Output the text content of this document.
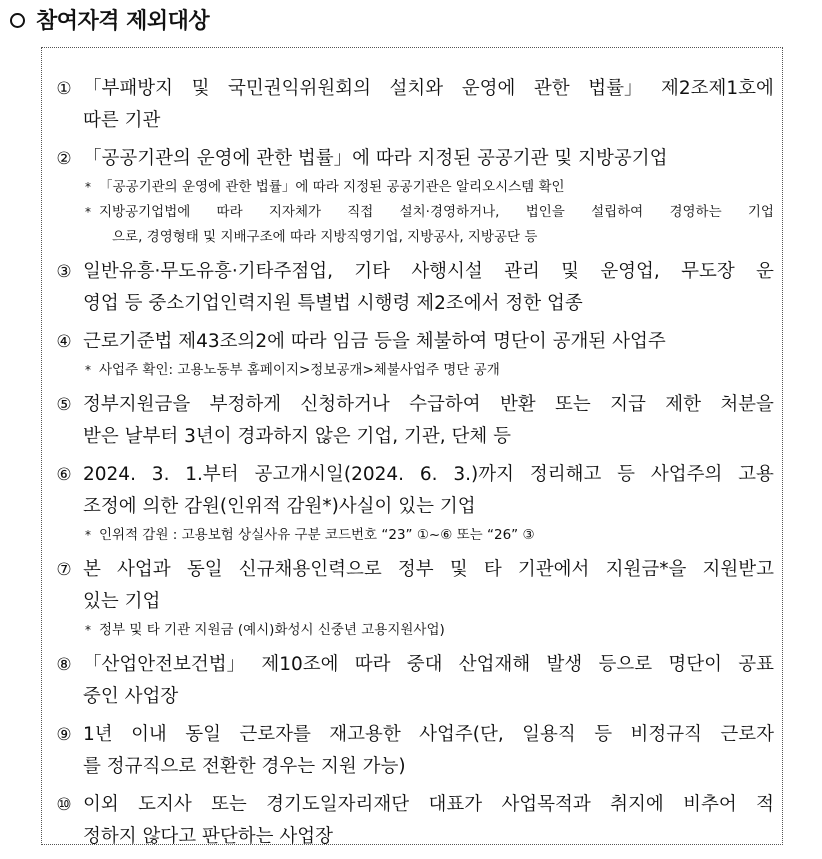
참여자격 제외대상
① 「부패방지 및 국민권익위원회의 설치와 운영에 관한 법률」 제2조제1호에
따른 기관
② 「공공기관의 운영에 관한 법률」에 따라 지정된 공공기관 및 지방공기업
* 「공공기관의 운영에 관한 법률」에 따라 지정된 공공기관은 알리오시스템 확인
* 지방공기업법에 따라 지자체가 직접 설치·경영하거나, 법인을 설립하여 경영하는 기업
으로, 경영형태 및 지배구조에 따라 지방직영기업, 지방공사, 지방공단 등
③ 일반유흥·무도유흥·기타주점업, 기타 사행시설 관리 및 운영업, 무도장 운
영업 등 중소기업인력지원 특별법 시행령 제2조에서 정한 업종
④ 근로기준법 제43조의2에 따라 임금 등을 체불하여 명단이 공개된 사업주
* 사업주 확인: 고용노동부 홈페이지>정보공개>체불사업주 명단 공개
⑤ 정부지원금을 부정하게 신청하거나 수급하여 반환 또는 지급 제한 처분을
받은 날부터 3년이 경과하지 않은 기업, 기관, 단체 등
⑥ 2024. 3. 1.부터 공고개시일(2024. 6. 3.)까지 정리해고 등 사업주의 고용
조정에 의한 감원(인위적 감원*)사실이 있는 기업
* 인위적 감원 : 고용보험 상실사유 구분 코드번호 “23” ①~⑥ 또는 “26” ③
⑦ 본 사업과 동일 신규채용인력으로 정부 및 타 기관에서 지원금*을 지원받고
있는 기업
* 정부 및 타 기관 지원금 (예시)화성시 신중년 고용지원사업)
⑧ 「산업안전보건법」 제10조에 따라 중대 산업재해 발생 등으로 명단이 공표
중인 사업장
⑨ 1년 이내 동일 근로자를 재고용한 사업주(단, 일용직 등 비정규직 근로자
를 정규직으로 전환한 경우는 지원 가능)
⑩ 이외 도지사 또는 경기도일자리재단 대표가 사업목적과 취지에 비추어 적
정하지 않다고 판단하는 사업장
